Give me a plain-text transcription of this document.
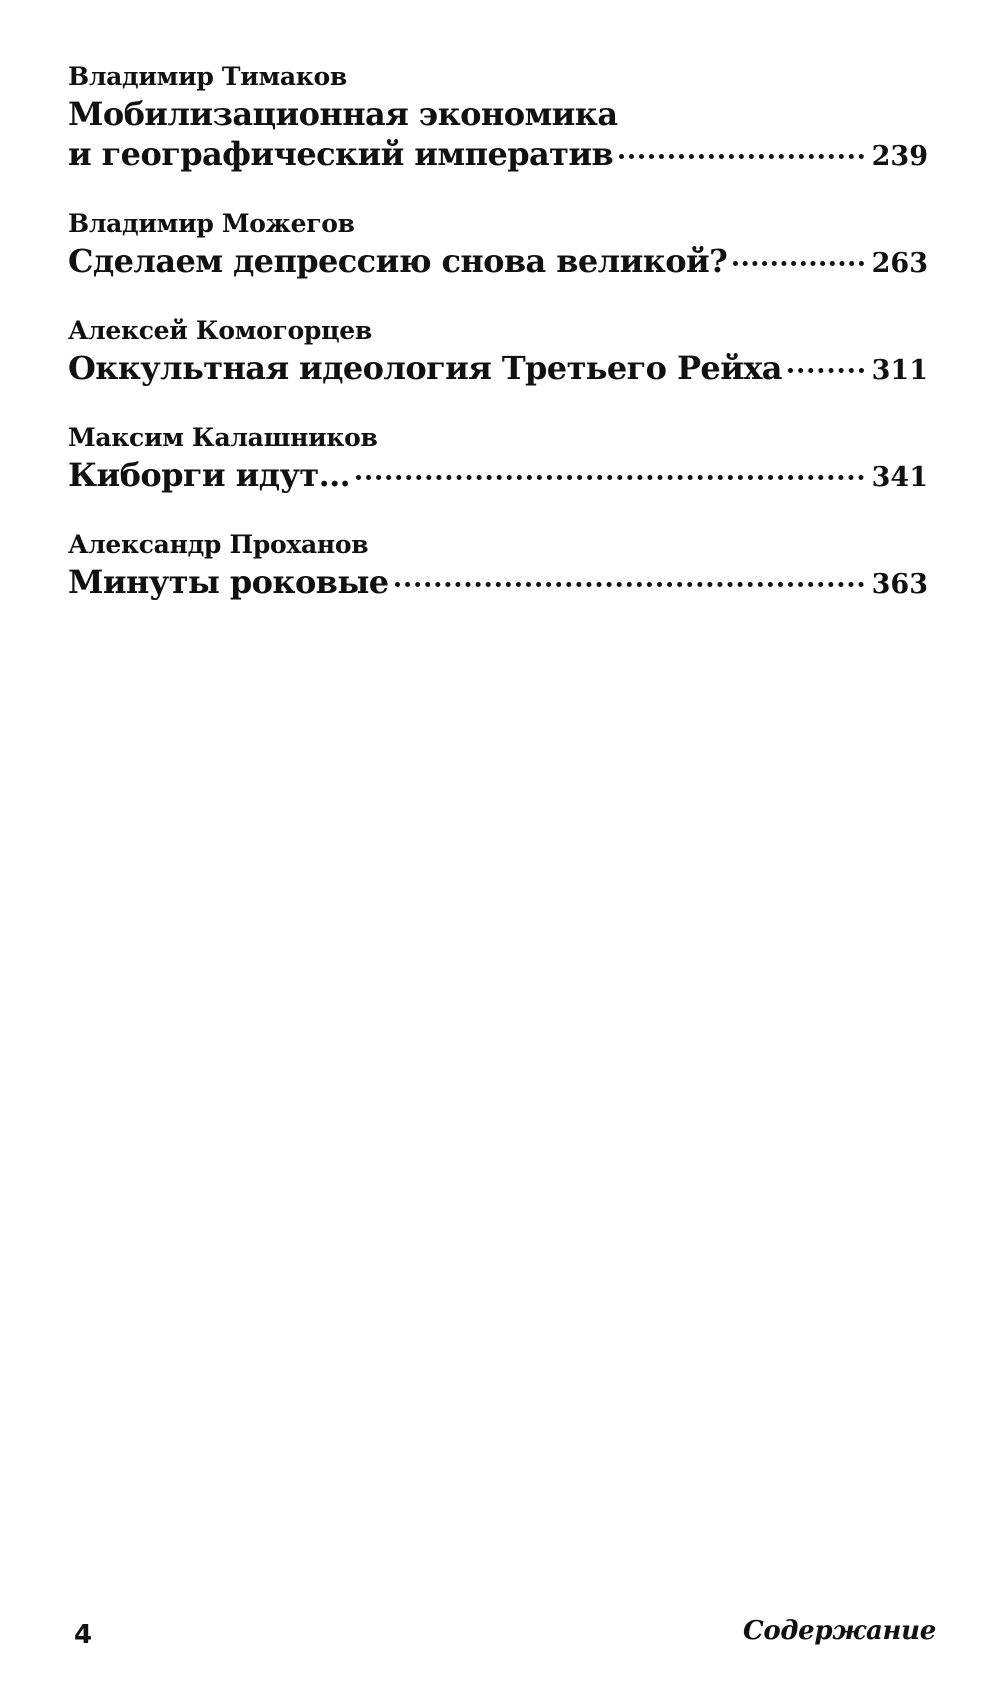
Владимир Тимаков
Мобилизационная экономика
и географический императив	239
Владимир Можегов
Сделаем депрессию снова великой?	263
Алексей Комогорцев
Оккультная идеология Третьего Рейха	311
Максим Калашников
Киборги идут...	341
Александр Проханов
Минуты роковые	363
4	Содержание
